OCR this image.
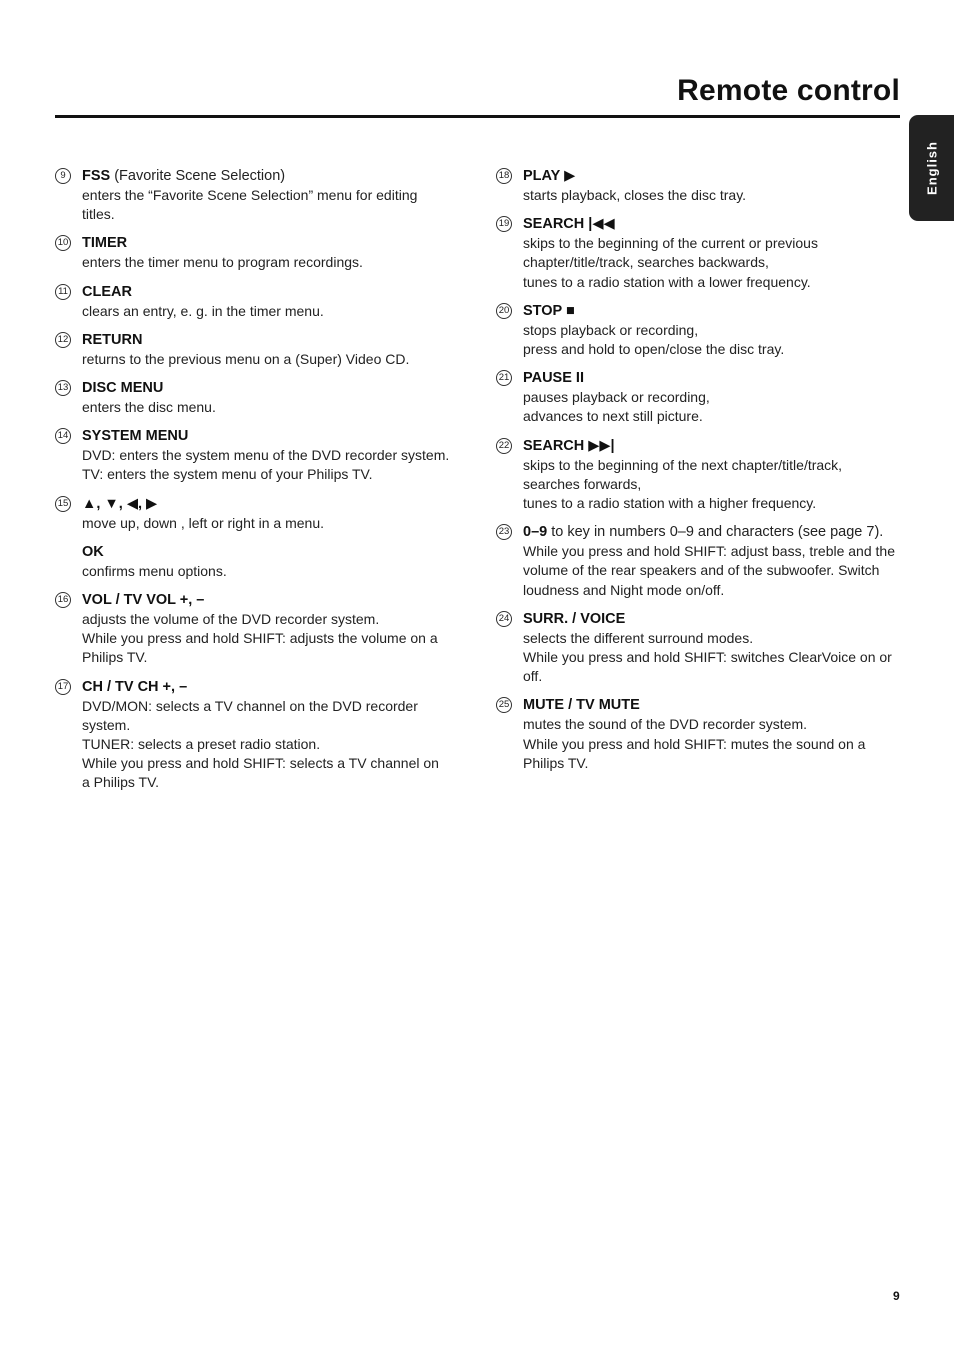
Remote control
English
9	FSS (Favorite Scene Selection)
enters the “Favorite Scene Selection” menu for editing titles.
10 TIMER
enters the timer menu to program recordings.
11 CLEAR
clears an entry, e. g. in the timer menu.
12 RETURN
returns to the previous menu on a (Super) Video CD.
13 DISC MENU
enters the disc menu.
14 SYSTEM MENU
DVD: enters the system menu of the DVD recorder system.
TV: enters the system menu of your Philips TV.
15 ▲, ▼, ◀, ▶
move up, down , left or right in a menu.
OK
confirms menu options.
16 VOL / TV VOL +, –
adjusts the volume of the DVD recorder system.
While you press and hold SHIFT: adjusts the volume on a Philips TV.
17 CH / TV CH +, –
DVD/MON: selects a TV channel on the DVD recorder system.
TUNER: selects a preset radio station.
While you press and hold SHIFT: selects a TV channel on a Philips TV.
18 PLAY ▶
starts playback, closes the disc tray.
19 SEARCH |◀◀
skips to the beginning of the current or previous chapter/title/track, searches backwards,
tunes to a radio station with a lower frequency.
20 STOP ■
stops playback or recording,
press and hold to open/close the disc tray.
21 PAUSE II
pauses playback or recording,
advances to next still picture.
22 SEARCH ▶▶|
skips to the beginning of the next chapter/title/track, searches forwards,
tunes to a radio station with a higher frequency.
23 0–9 to key in numbers 0–9 and characters (see page 7).
While you press and hold SHIFT: adjust bass, treble and the volume of the rear speakers and of the subwoofer. Switch loudness and Night mode on/off.
24 SURR. / VOICE
selects the different surround modes.
While you press and hold SHIFT: switches ClearVoice on or off.
25 MUTE / TV MUTE
mutes the sound of the DVD recorder system.
While you press and hold SHIFT: mutes the sound on a Philips TV.
9
